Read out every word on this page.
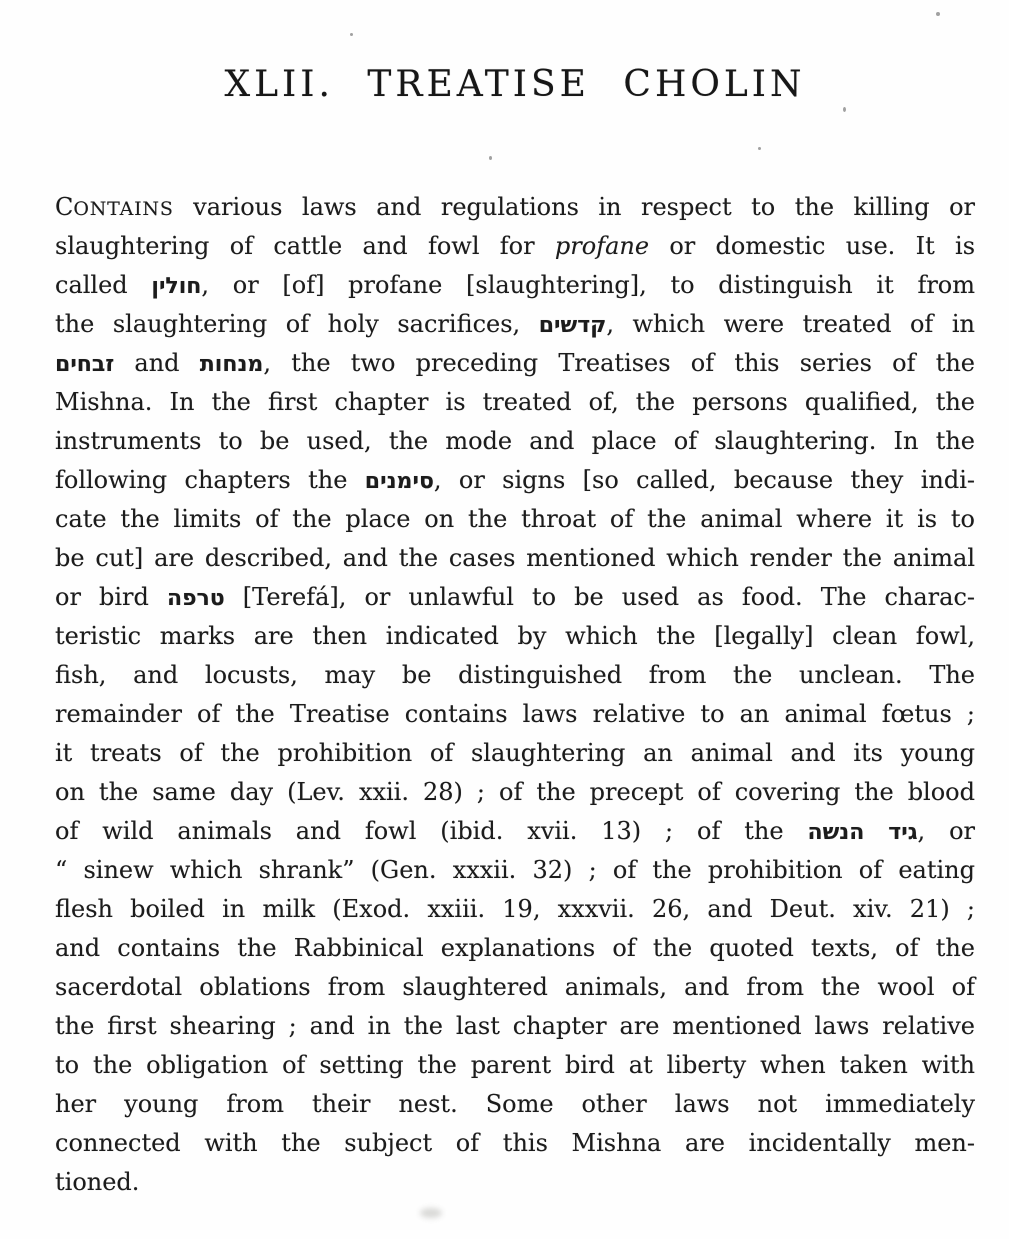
XLII. TREATISE CHOLIN
CONTAINS various laws and regulations in respect to the killing or
slaughtering of cattle and fowl for profane or domestic use. It is
called חולין, or [of] profane [slaughtering], to distinguish it from
the slaughtering of holy sacrifices, קדשים, which were treated of in
זבחים and מנחות, the two preceding Treatises of this series of the
Mishna. In the first chapter is treated of, the persons qualified, the
instruments to be used, the mode and place of slaughtering. In the
following chapters the סימנים, or signs [so called, because they indi-
cate the limits of the place on the throat of the animal where it is to
be cut] are described, and the cases mentioned which render the animal
or bird טרפה [Terefá], or unlawful to be used as food. The charac-
teristic marks are then indicated by which the [legally] clean fowl,
fish, and locusts, may be distinguished from the unclean. The
remainder of the Treatise contains laws relative to an animal fœtus ;
it treats of the prohibition of slaughtering an animal and its young
on the same day (Lev. xxii. 28) ; of the precept of covering the blood
of wild animals and fowl (ibid. xvii. 13) ; of the גיד הנשה, or
“ sinew which shrank” (Gen. xxxii. 32) ; of the prohibition of eating
flesh boiled in milk (Exod. xxiii. 19, xxxvii. 26, and Deut. xiv. 21) ;
and contains the Rabbinical explanations of the quoted texts, of the
sacerdotal oblations from slaughtered animals, and from the wool of
the first shearing ; and in the last chapter are mentioned laws relative
to the obligation of setting the parent bird at liberty when taken with
her young from their nest. Some other laws not immediately
connected with the subject of this Mishna are incidentally men-
tioned.
